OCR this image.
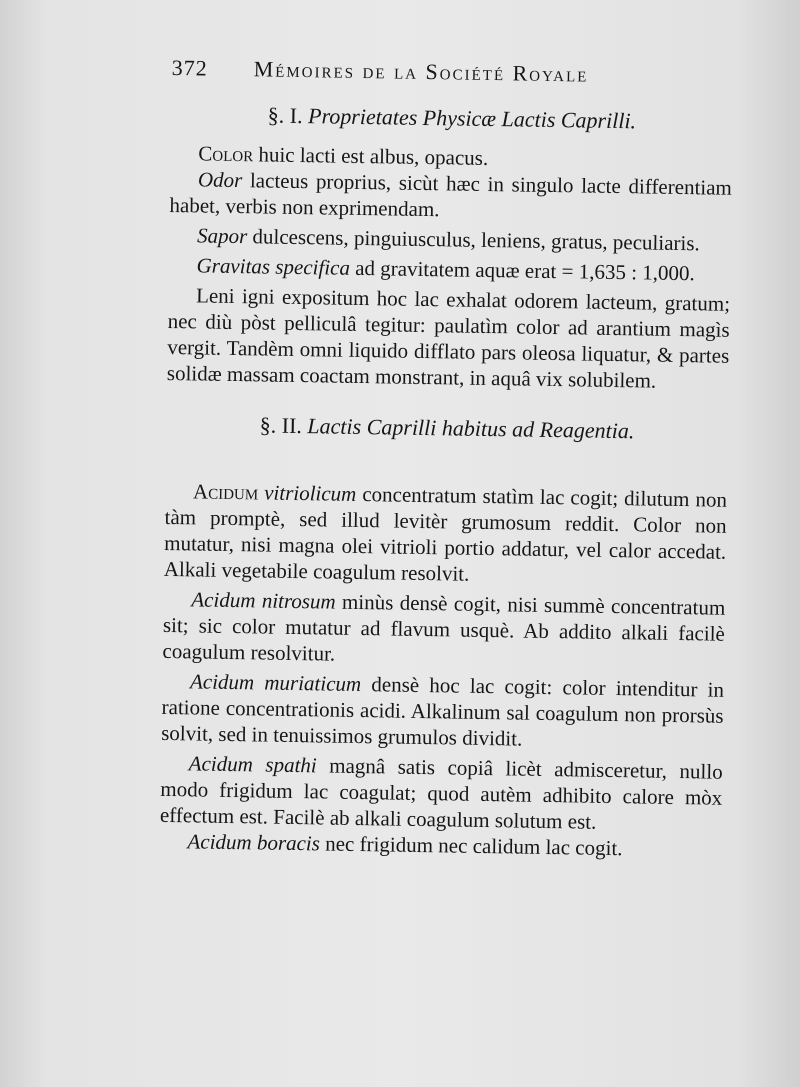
372	Mémoires de la Société Royale
§. I. Proprietates Physicæ Lactis Caprilli.

Color huic lacti est albus, opacus.

Odor lacteus proprius, sicùt hæc in singulo lacte differentiam habet, verbis non exprimendam.

Sapor dulcescens, pinguiusculus, leniens, gratus, peculiaris.

Gravitas specifica ad gravitatem aquæ erat = 1,635 : 1,000.

Leni igni expositum hoc lac exhalat odorem lacteum, gratum; nec diù pòst pelliculâ tegitur: paulatìm color ad arantium magìs vergit. Tandèm omni liquido difflato pars oleosa liquatur, & partes solidæ massam coactam monstrant, in aquâ vix solubilem.

§. II. Lactis Caprilli habitus ad Reagentia.

Acidum vitriolicum concentratum statìm lac cogit; dilutum non tàm promptè, sed illud levitèr grumosum reddit. Color non mutatur, nisi magna olei vitrioli portio addatur, vel calor accedat. Alkali vegetabile coagulum resolvit.

Acidum nitrosum minùs densè cogit, nisi summè concentratum sit; sic color mutatur ad flavum usquè. Ab addito alkali facilè coagulum resolvitur.

Acidum muriaticum densè hoc lac cogit: color intenditur in ratione concentrationis acidi. Alkalinum sal coagulum non prorsùs solvit, sed in tenuissimos grumulos dividit.

Acidum spathi magnâ satis copiâ licèt admisceretur, nullo modo frigidum lac coagulat; quod autèm adhibito calore mòx effectum est. Facilè ab alkali coagulum solutum est.

Acidum boracis nec frigidum nec calidum lac cogit.
